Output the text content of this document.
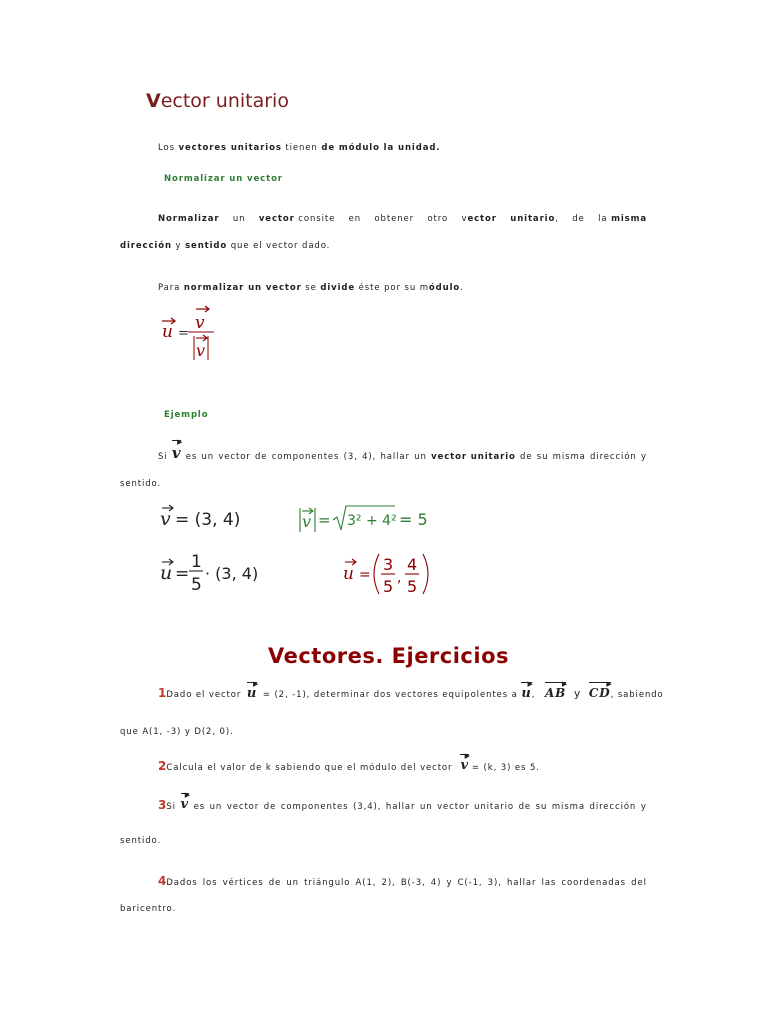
Vector unitario
Los vectores unitarios tienen de módulo la unidad.
Normalizar un vector
Normalizar un vector consite en obtener otro vector unitario, de la misma
dirección y sentido que el vector dado.
Para normalizar un vector se divide éste por su módulo.
u =
v
v
Ejemplo
Si
▶
v es un vector de componentes (3, 4), hallar un vector unitario de su misma dirección y
sentido.
v = (3, 4)
u =
1
5
· (3, 4)
v = 3² + 4² = 5
u =
3
5 ,
4
5
Vectores. Ejercicios
1Dado el vector
▶
u = (2, -1), determinar dos vectores equipolentes a
▶
u,
▶
AB y
▶
CD, sabiendo
que A(1, -3) y D(2, 0).
2 Calcula el valor de k sabiendo que el módulo del vector
▶
v = (k, 3) es 5.
3Si
▶
v es un vector de componentes (3,4), hallar un vector unitario de su misma dirección y
sentido.
4Dados los vértices de un triángulo A(1, 2), B(-3, 4) y C(-1, 3), hallar las coordenadas del
baricentro.
